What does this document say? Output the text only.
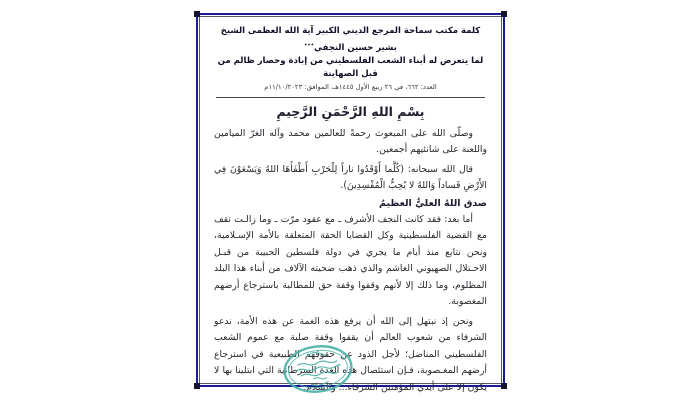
كلمة مكتب سماحة المرجع الديني الكبير آية الله العظمى الشيخ بشير حسين النجفي٭٭٭
لما يتعرض له أبناء الشعب الفلسطيني من إبادة وحصار ظالم من قبل الصهاينة
العدد: ٦٦٢، في ٢٦ ربيع الأول ١٤٤٥هـ، الموافق: ١١/١٠/٢٠٢٣م
بِسْمِ اللهِ الرَّحْمَنِ الرَّحِيمِ

وصلّى الله على المبعوث رحمةً للعالمين محمد وآله الغرّ الميامين واللعنة على شانئيهم أجمعين.

قال الله سبحانه: (كُلَّما أَوْقَدُوا ناراً لِلْحَرْبِ أَطْفَأَهَا اللهُ وَيَسْعَوْنَ فِي الأَرْضِ فَساداً وَاللهُ لا يُحِبُّ الْمُفْسِدِينَ).

صدق اللهُ العليُّ العظيمُ

أما بعد: فقد كانت النجف الأشرف ـ مع عقود مرّت ـ وما زالـت تقف مع القضية الفلسطينية وكل القضايا الحقة المتعلقة بالأمة الإسـلامية، ونحن نتابع منذ أيام ما يجري في دولة فلسطين الحبيبة من قبـل الاحـتلال الصهيوني الغاشم والذي ذهب ضحيته الآلاف من أبناء هذا البلد المظلوم، وما ذلك إلا لأنهم وقفوا وقفة حق للمطالبة باسترجاع أرضهم المغصوبة.

ونحن إذ نبتهل إلى الله أن يرفع هذه الغمة عن هذه الأمة، ندعو الشرفاء من شعوب العالم أن يقفوا وقفة صلبة مع عموم الشعب الفلسطيني المناضل؛ لأجل الذود عن حقوقهم الطبيعية في استرجاع أرضهم المغـصوبة، فـإن استئصال هذه الغدة السرطانية التي ابتلينا بها لا يكون إلا على أيدي المؤمنين الشرفاء... والسلام.
